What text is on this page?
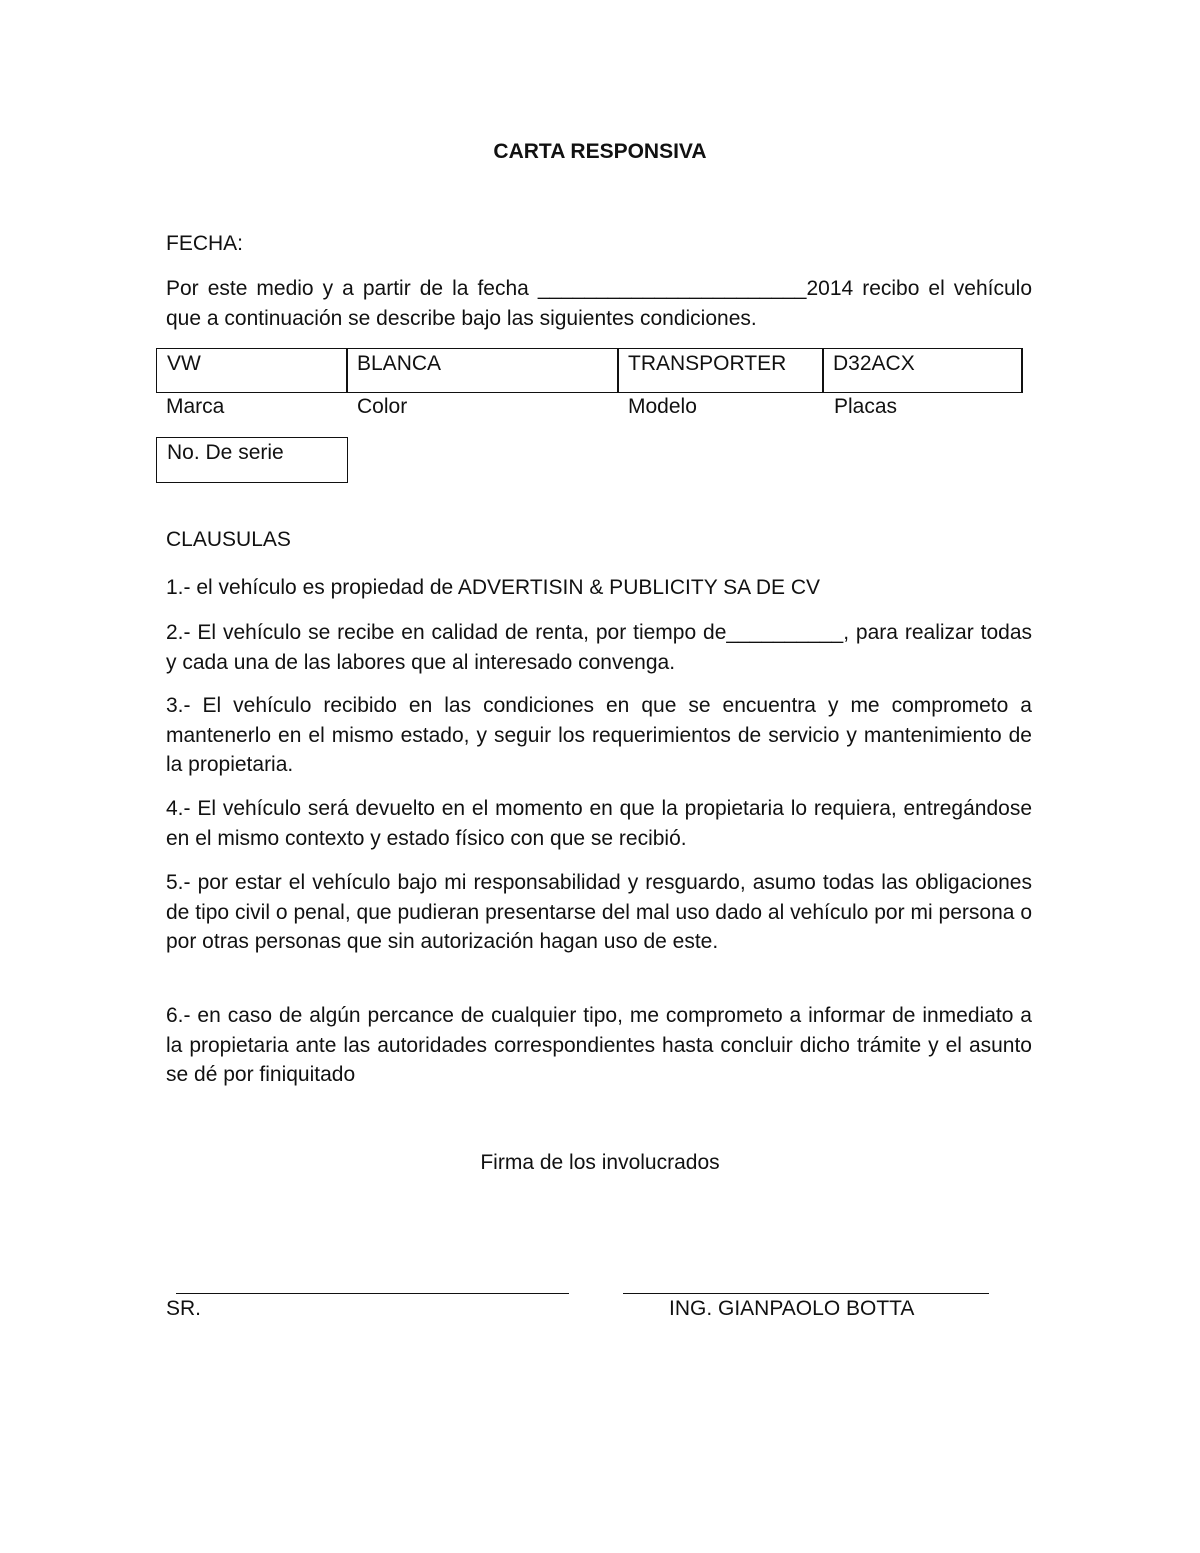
CARTA RESPONSIVA
FECHA:
Por este medio y a partir de la fecha _______________________2014 recibo el vehículo que a continuación se describe bajo las siguientes condiciones.
VW	BLANCA	TRANSPORTER	D32ACX
Marca	Color	Modelo	Placas
No. De serie
CLAUSULAS
1.- el vehículo es propiedad de ADVERTISIN & PUBLICITY SA DE CV
2.- El vehículo se recibe en calidad de renta, por tiempo de__________, para realizar todas y cada una de las labores que al interesado convenga.
3.- El vehículo recibido en las condiciones en que se encuentra y me comprometo a mantenerlo en el mismo estado, y seguir los requerimientos de servicio y mantenimiento de la propietaria.
4.- El vehículo será devuelto en el momento en que la propietaria lo requiera, entregándose en el mismo contexto y estado físico con que se recibió.
5.- por estar el vehículo bajo mi responsabilidad y resguardo, asumo todas las obligaciones de tipo civil o penal, que pudieran presentarse del mal uso dado al vehículo por mi persona o por otras personas que sin autorización hagan uso de este.
6.- en caso de algún percance de cualquier tipo, me comprometo a informar de inmediato a la propietaria ante las autoridades correspondientes hasta concluir dicho trámite y el asunto se dé por finiquitado
Firma de los involucrados
SR.	ING. GIANPAOLO BOTTA
